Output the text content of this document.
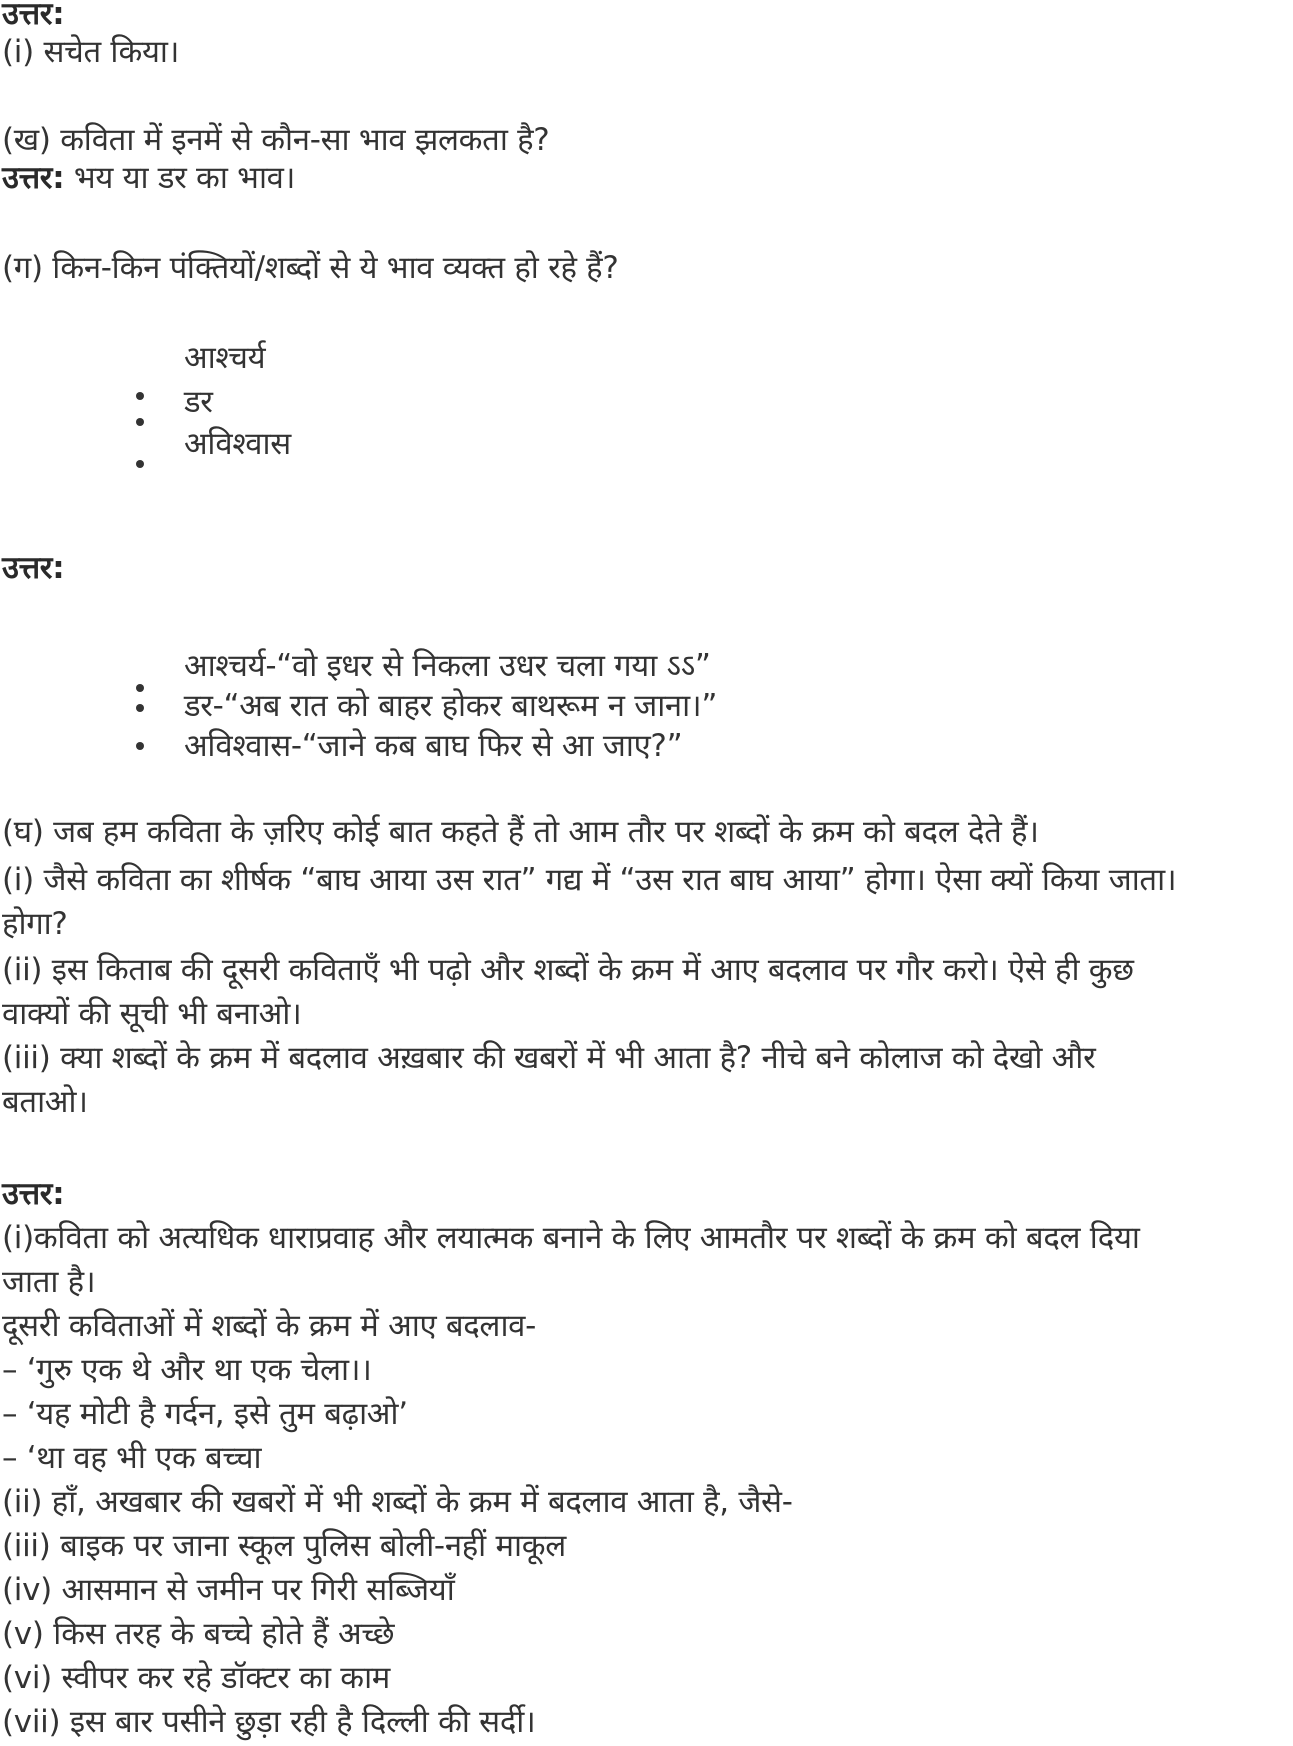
उत्तर:
(i) सचेत किया।
(ख) कविता में इनमें से कौन-सा भाव झलकता है?
उत्तर: भय या डर का भाव।
(ग) किन-किन पंक्तियों/शब्दों से ये भाव व्यक्त हो रहे हैं?
आश्चर्य
डर
अविश्वास
उत्तर:
आश्चर्य-“वो इधर से निकला उधर चला गया ऽऽ”
डर-“अब रात को बाहर होकर बाथरूम न जाना।”
अविश्वास-“जाने कब बाघ फिर से आ जाए?”
(घ) जब हम कविता के ज़रिए कोई बात कहते हैं तो आम तौर पर शब्दों के क्रम को बदल देते हैं।
(i) जैसे कविता का शीर्षक “बाघ आया उस रात” गद्य में “उस रात बाघ आया” होगा। ऐसा क्यों किया जाता।
होगा?
(ii) इस किताब की दूसरी कविताएँ भी पढ़ो और शब्दों के क्रम में आए बदलाव पर गौर करो। ऐसे ही कुछ
वाक्यों की सूची भी बनाओ।
(iii) क्या शब्दों के क्रम में बदलाव अख़बार की खबरों में भी आता है? नीचे बने कोलाज को देखो और
बताओ।
उत्तर:
(i)कविता को अत्यधिक धाराप्रवाह और लयात्मक बनाने के लिए आमतौर पर शब्दों के क्रम को बदल दिया
जाता है।
दूसरी कविताओं में शब्दों के क्रम में आए बदलाव-
– ‘गुरु एक थे और था एक चेला।।
– ‘यह मोटी है गर्दन, इसे तुम बढ़ाओ’
– ‘था वह भी एक बच्चा
(ii) हाँ, अखबार की खबरों में भी शब्दों के क्रम में बदलाव आता है, जैसे-
(iii) बाइक पर जाना स्कूल पुलिस बोली-नहीं माकूल
(iv) आसमान से जमीन पर गिरी सब्जियाँ
(v) किस तरह के बच्चे होते हैं अच्छे
(vi) स्वीपर कर रहे डॉक्टर का काम
(vii) इस बार पसीने छुड़ा रही है दिल्ली की सर्दी।
